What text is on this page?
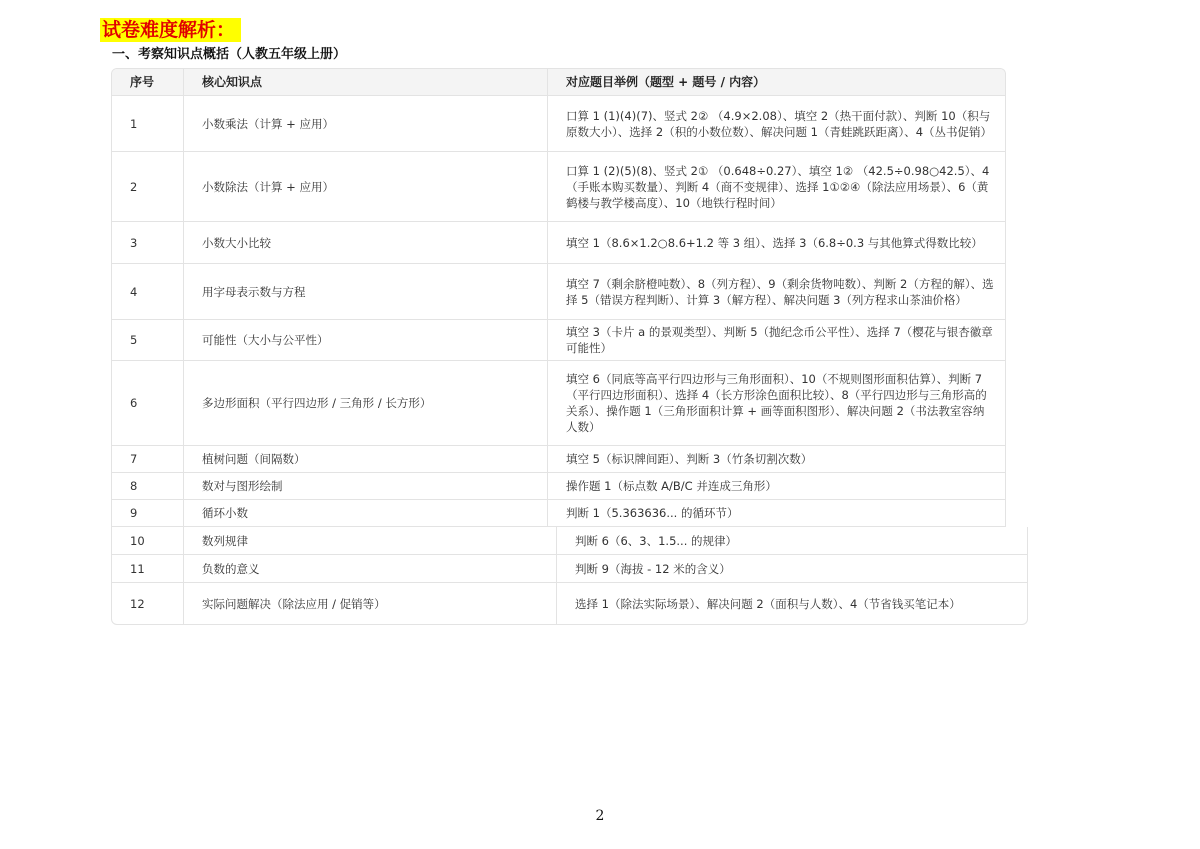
试卷难度解析：
一、考察知识点概括（人教五年级上册）
序号	核心知识点	对应题目举例（题型 + 题号 / 内容）
1	小数乘法（计算 + 应用）	口算 1 (1)(4)(7)、竖式 2② （4.9×2.08）、填空 2（热干面付款）、判断 10（积与原数大小）、选择 2（积的小数位数）、解决问题 1（青蛙跳跃距离）、4（丛书促销）
2	小数除法（计算 + 应用）	口算 1 (2)(5)(8)、竖式 2① （0.648÷0.27）、填空 1② （42.5÷0.98○42.5）、4（手账本购买数量）、判断 4（商不变规律）、选择 1①②④（除法应用场景）、6（黄鹤楼与教学楼高度）、10（地铁行程时间）
3	小数大小比较	填空 1（8.6×1.2○8.6+1.2 等 3 组）、选择 3（6.8÷0.3 与其他算式得数比较）
4	用字母表示数与方程	填空 7（剩余脐橙吨数）、8（列方程）、9（剩余货物吨数）、判断 2（方程的解）、选择 5（错误方程判断）、计算 3（解方程）、解决问题 3（列方程求山茶油价格）
5	可能性（大小与公平性）	填空 3（卡片 a 的景观类型）、判断 5（抛纪念币公平性）、选择 7（樱花与银杏徽章可能性）
6	多边形面积（平行四边形 / 三角形 / 长方形）	填空 6（同底等高平行四边形与三角形面积）、10（不规则图形面积估算）、判断 7（平行四边形面积）、选择 4（长方形涂色面积比较）、8（平行四边形与三角形高的关系）、操作题 1（三角形面积计算 + 画等面积图形）、解决问题 2（书法教室容纳人数）
7	植树问题（间隔数）	填空 5（标识牌间距）、判断 3（竹条切割次数）
8	数对与图形绘制	操作题 1（标点数 A/B/C 并连成三角形）
9	循环小数	判断 1（5.363636... 的循环节）
10	数列规律	判断 6（6、3、1.5... 的规律）
11	负数的意义	判断 9（海拔 - 12 米的含义）
12	实际问题解决（除法应用 / 促销等）	选择 1（除法实际场景）、解决问题 2（面积与人数）、4（节省钱买笔记本）
2
